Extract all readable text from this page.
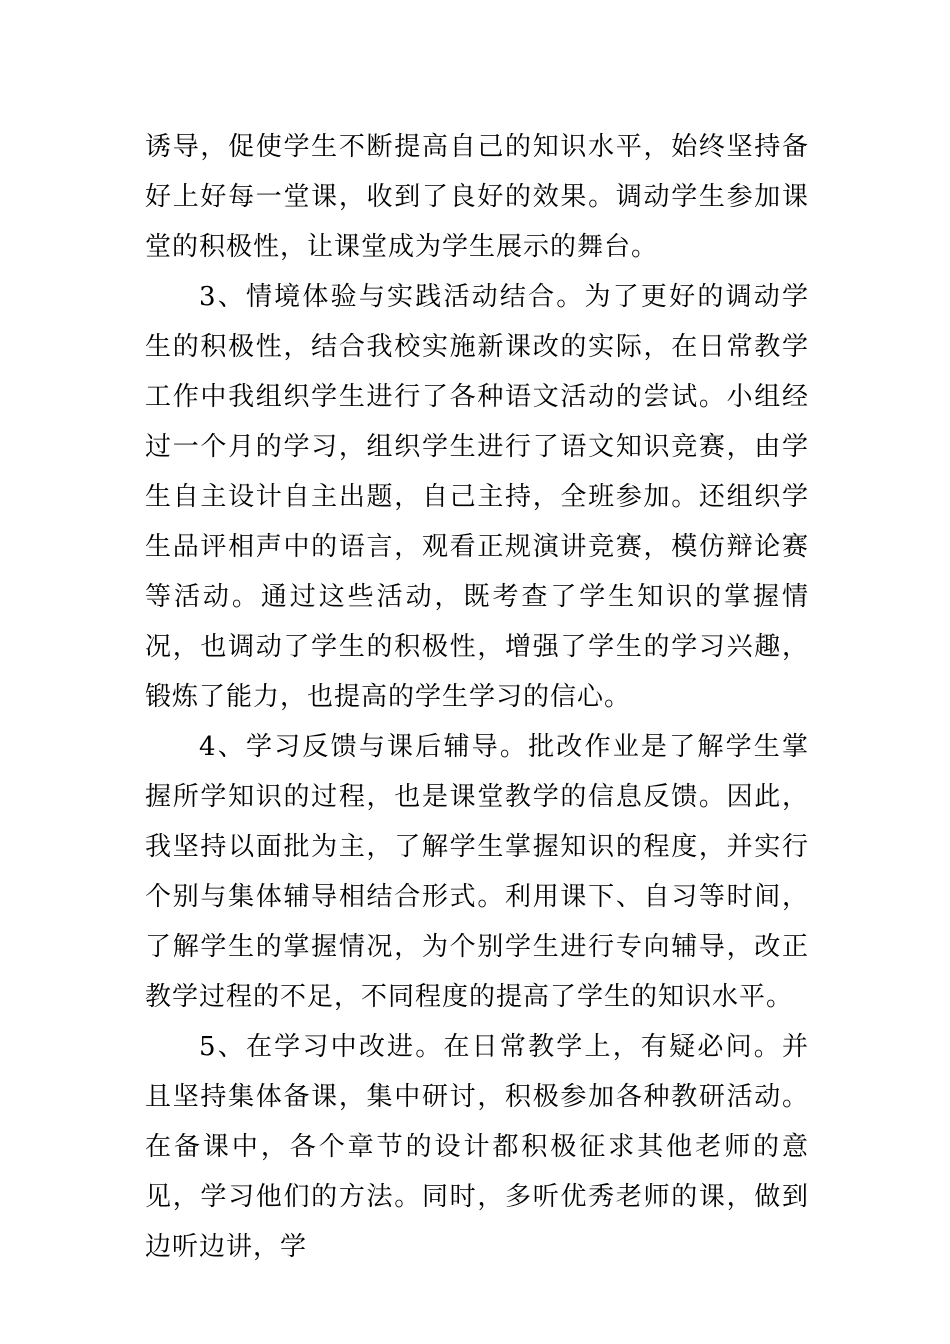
诱导，促使学生不断提高自己的知识水平，始终坚持备好上好每一堂课，收到了良好的效果。调动学生参加课堂的积极性，让课堂成为学生展示的舞台。

3、情境体验与实践活动结合。为了更好的调动学生的积极性，结合我校实施新课改的实际，在日常教学工作中我组织学生进行了各种语文活动的尝试。小组经过一个月的学习，组织学生进行了语文知识竞赛，由学生自主设计自主出题，自己主持，全班参加。还组织学生品评相声中的语言，观看正规演讲竞赛，模仿辩论赛等活动。通过这些活动，既考查了学生知识的掌握情况，也调动了学生的积极性，增强了学生的学习兴趣，锻炼了能力，也提高的学生学习的信心。

4、学习反馈与课后辅导。批改作业是了解学生掌握所学知识的过程，也是课堂教学的信息反馈。因此，我坚持以面批为主，了解学生掌握知识的程度，并实行个别与集体辅导相结合形式。利用课下、自习等时间，了解学生的掌握情况，为个别学生进行专向辅导，改正教学过程的不足，不同程度的提高了学生的知识水平。

5、在学习中改进。在日常教学上，有疑必问。并且坚持集体备课，集中研讨，积极参加各种教研活动。在备课中，各个章节的设计都积极征求其他老师的意见，学习他们的方法。同时，多听优秀老师的课，做到边听边讲，学
